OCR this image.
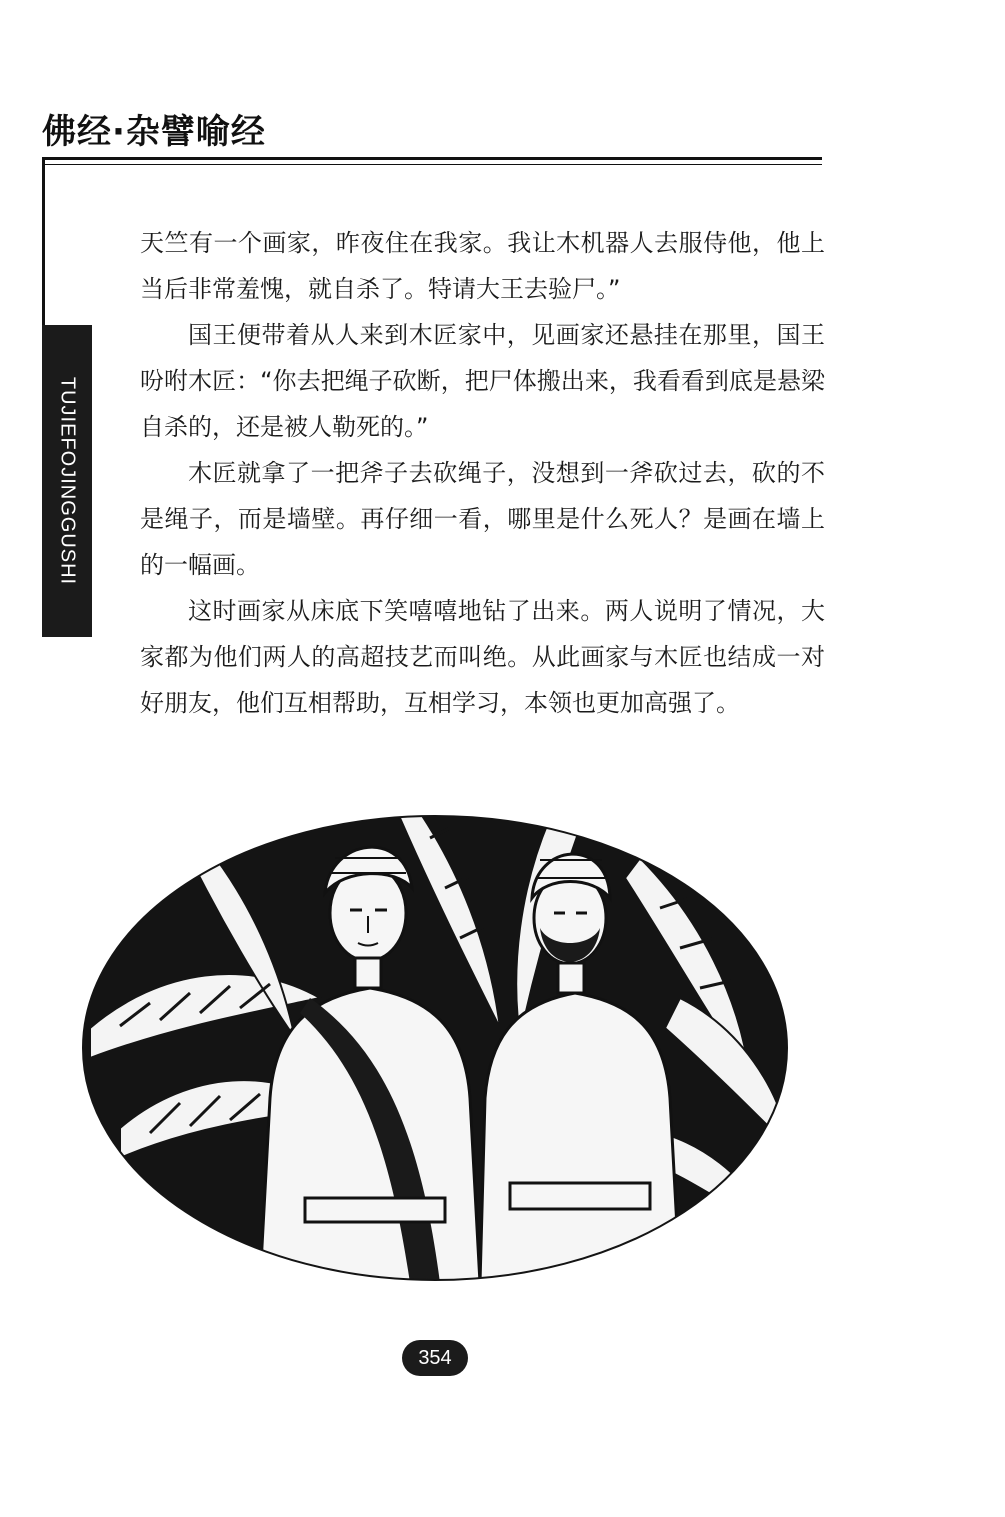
佛经·杂譬喻经
TUJIEFOJINGGUSHI

天竺有一个画家，昨夜住在我家。我让木机器人去服侍他，他上当后非常羞愧，就自杀了。特请大王去验尸。”

国王便带着从人来到木匠家中，见画家还悬挂在那里，国王吩咐木匠：“你去把绳子砍断，把尸体搬出来，我看看到底是悬梁自杀的，还是被人勒死的。”

木匠就拿了一把斧子去砍绳子，没想到一斧砍过去，砍的不是绳子，而是墙壁。再仔细一看，哪里是什么死人？是画在墙上的一幅画。

这时画家从床底下笑嘻嘻地钻了出来。两人说明了情况，大家都为他们两人的高超技艺而叫绝。从此画家与木匠也结成一对好朋友，他们互相帮助，互相学习，本领也更加高强了。

354
